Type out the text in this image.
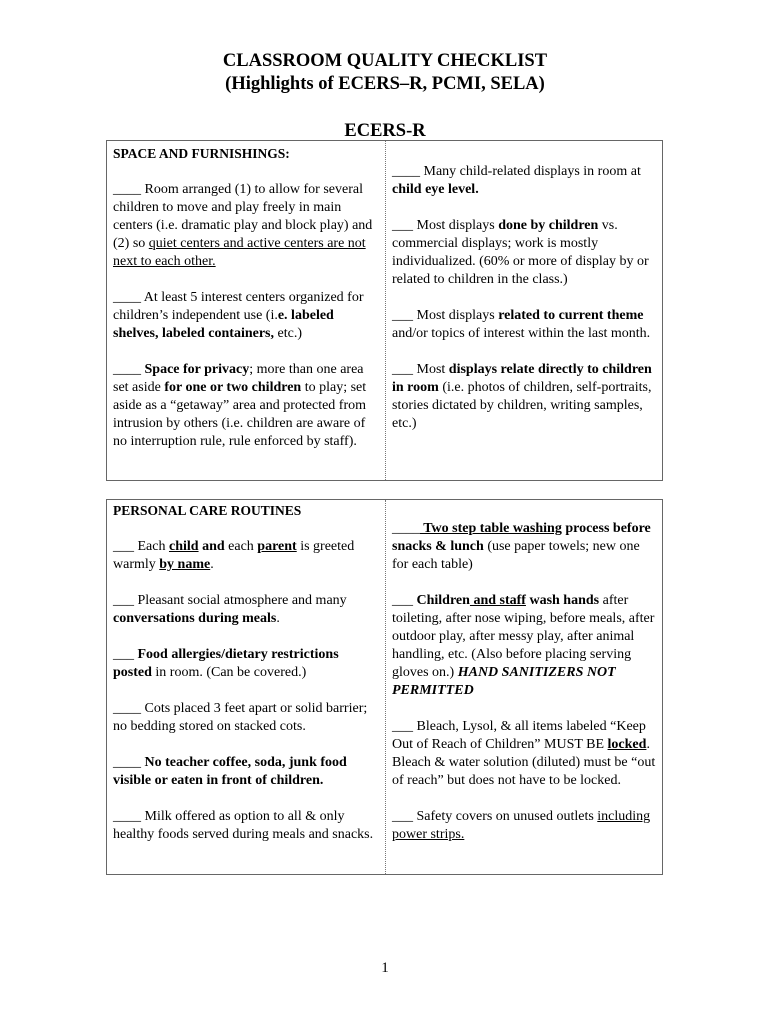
CLASSROOM QUALITY CHECKLIST
(Highlights of ECERS–R, PCMI, SELA)
ECERS-R

SPACE AND FURNISHINGS:

____ Room arranged (1) to allow for several children to move and play freely in main centers (i.e. dramatic play and block play) and (2) so quiet centers and active centers are not next to each other.

____ At least 5 interest centers organized for children’s independent use (i.e. labeled shelves, labeled containers, etc.)

____ Space for privacy; more than one area set aside for one or two children to play; set aside as a “getaway” area and protected from intrusion by others (i.e. children are aware of no interruption rule, rule enforced by staff).

____ Many child-related displays in room at child eye level.

___ Most displays done by children vs. commercial displays; work is mostly individualized. (60% or more of display by or related to children in the class.)

___ Most displays related to current theme and/or topics of interest within the last month.

___ Most displays relate directly to children in room (i.e. photos of children, self-portraits, stories dictated by children, writing samples, etc.)

PERSONAL CARE ROUTINES

___ Each child and each parent is greeted warmly by name.

___ Pleasant social atmosphere and many conversations during meals.

___ Food allergies/dietary restrictions posted in room. (Can be covered.)

____ Cots placed 3 feet apart or solid barrier; no bedding stored on stacked cots.

____ No teacher coffee, soda, junk food visible or eaten in front of children.

____ Milk offered as option to all & only healthy foods served during meals and snacks.

____ Two step table washing process before snacks & lunch (use paper towels; new one for each table)

___ Children and staff wash hands after toileting, after nose wiping, before meals, after outdoor play, after messy play, after animal handling, etc. (Also before placing serving gloves on.) HAND SANITIZERS NOT PERMITTED

___ Bleach, Lysol, & all items labeled “Keep Out of Reach of Children” MUST BE locked. Bleach & water solution (diluted) must be “out of reach” but does not have to be locked.

___ Safety covers on unused outlets including power strips.

1
